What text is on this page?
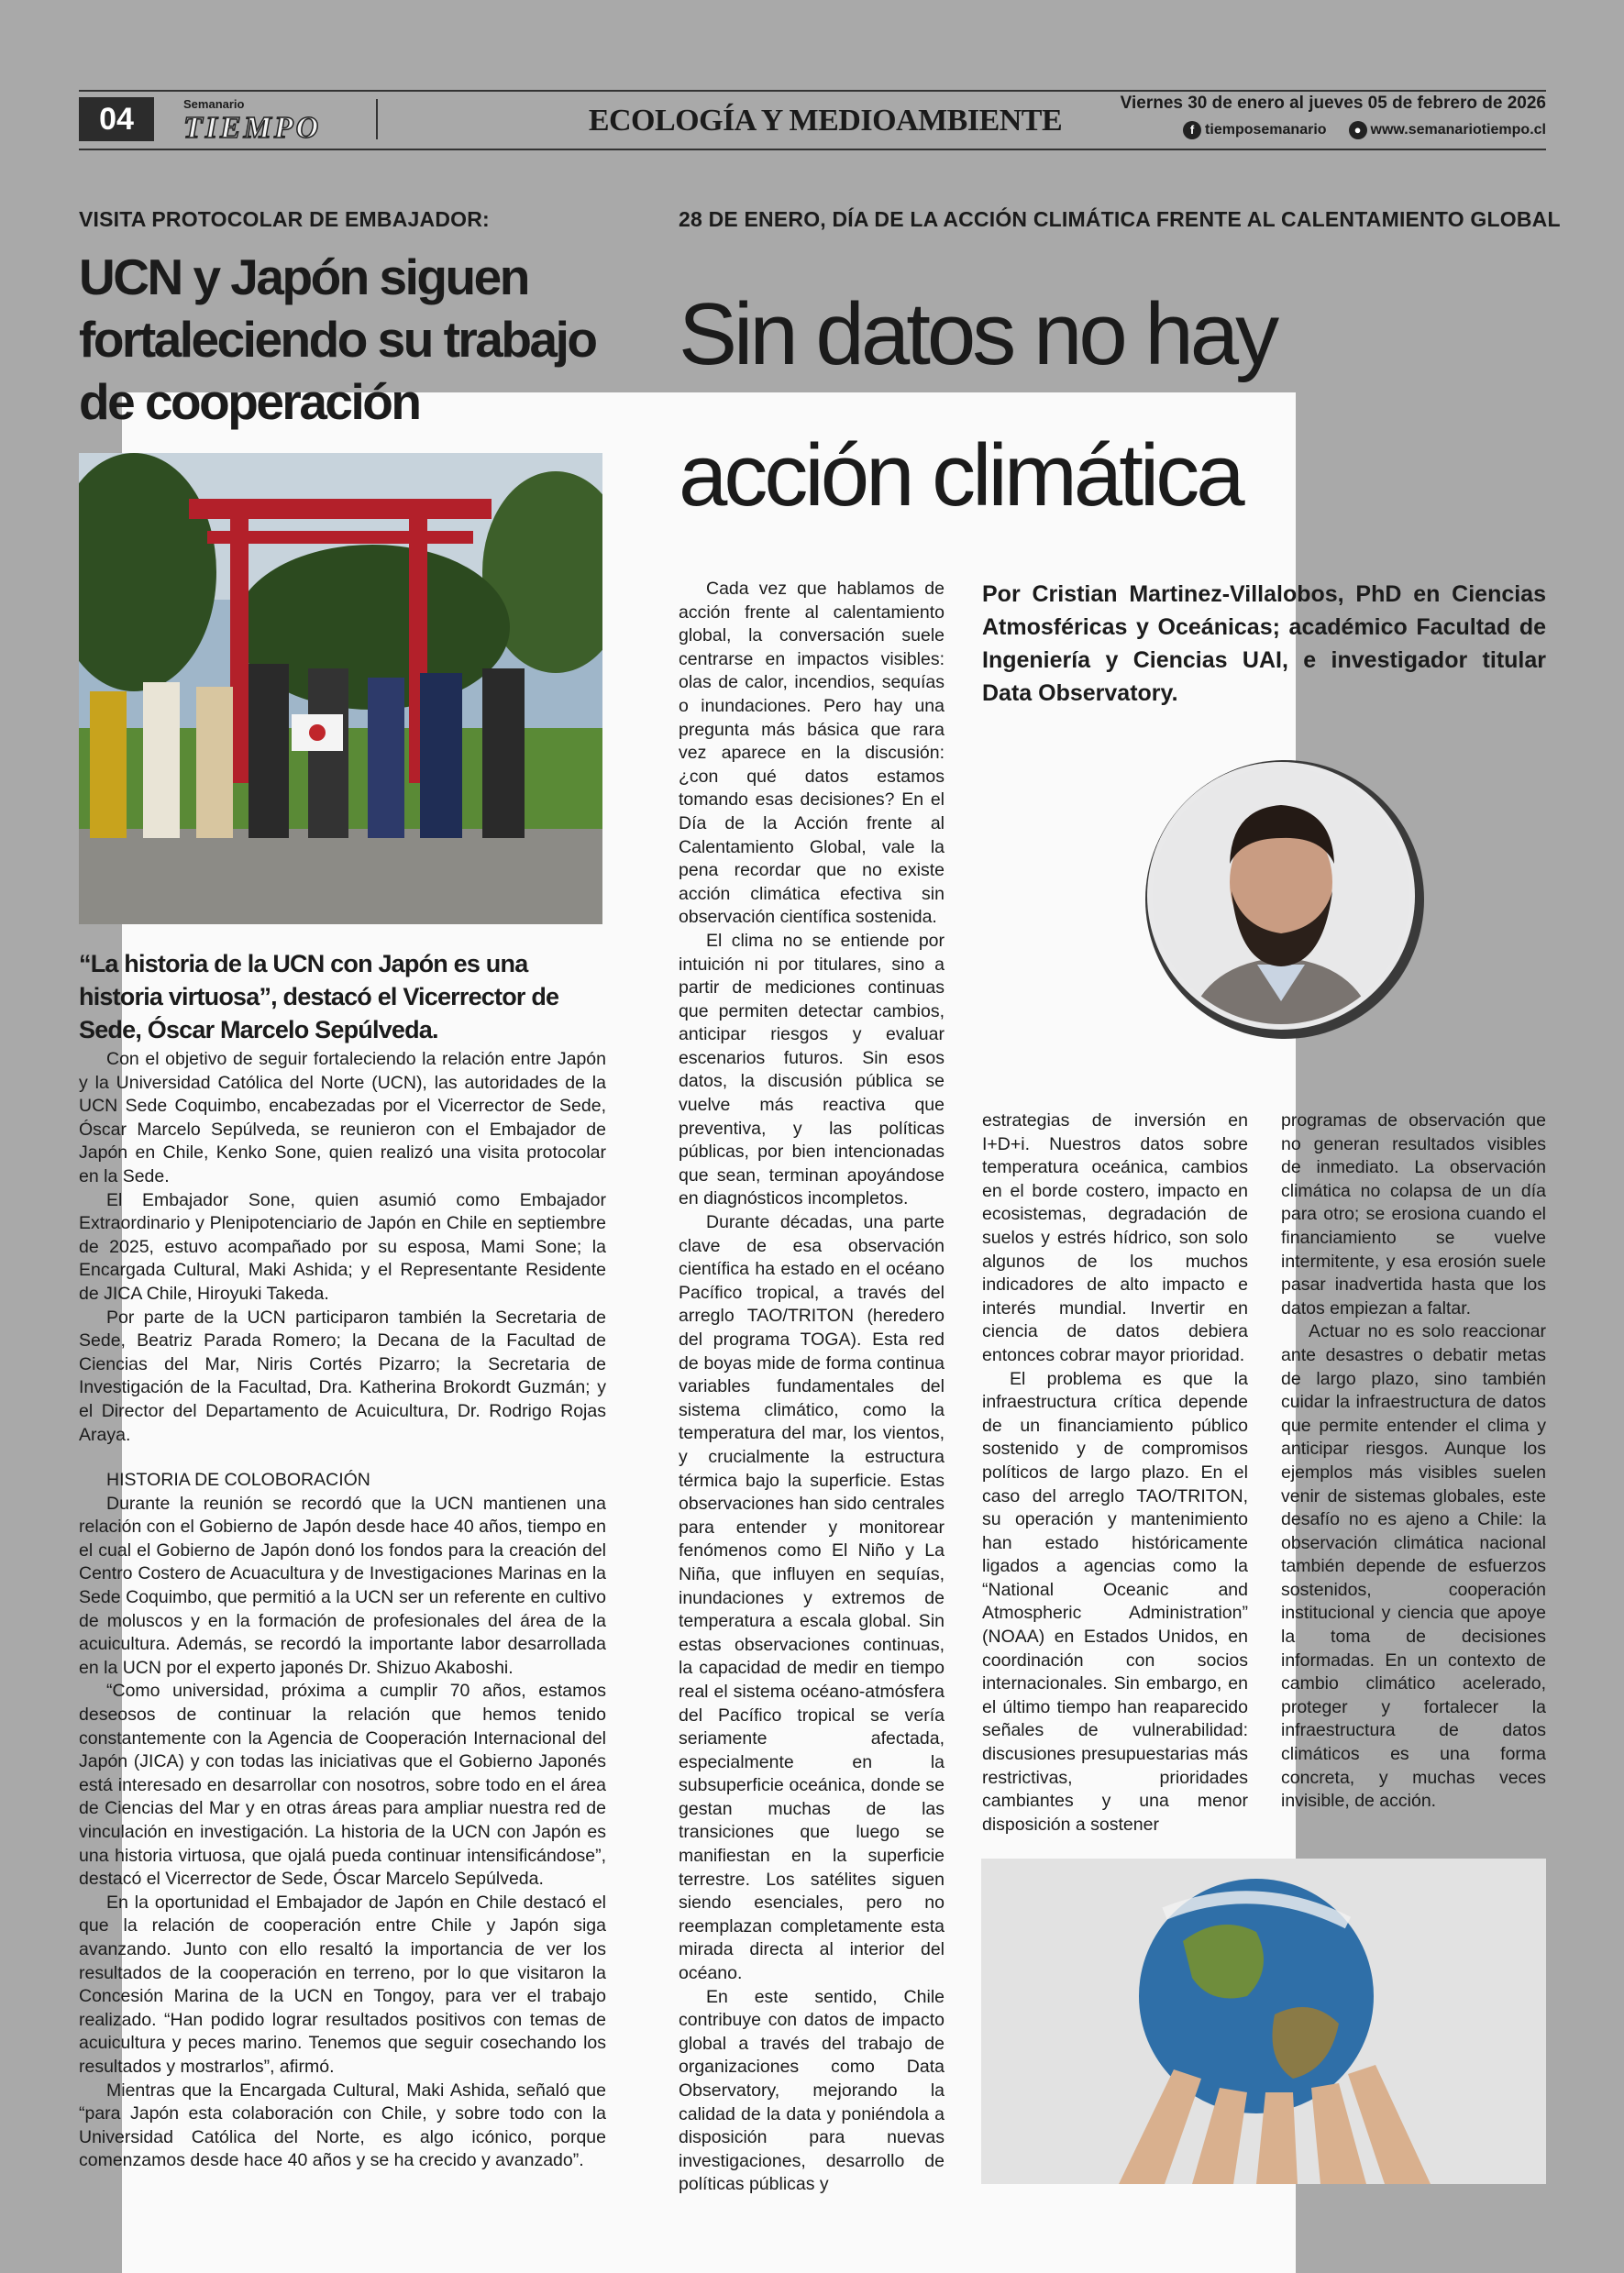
04	Semanario
TIEMPO	ECOLOGÍA Y MEDIOAMBIENTE
Viernes 30 de enero al jueves 05 de febrero de 2026
f tiemposemanario	● www.semanariotiempo.cl
VISITA PROTOCOLAR DE EMBAJADOR:
UCN y Japón siguen fortaleciendo su trabajo de cooperación
“La historia de la UCN con Japón es una historia virtuosa”, destacó el Vicerrector de Sede, Óscar Marcelo Sepúlveda.

Con el objetivo de seguir fortaleciendo la relación entre Japón y la Universidad Católica del Norte (UCN), las autoridades de la UCN Sede Coquimbo, encabezadas por el Vicerrector de Sede, Óscar Marcelo Sepúlveda, se reunieron con el Embajador de Japón en Chile, Kenko Sone, quien realizó una visita protocolar en la Sede.

El Embajador Sone, quien asumió como Embajador Extraordinario y Plenipotenciario de Japón en Chile en septiembre de 2025, estuvo acompañado por su esposa, Mami Sone; la Encargada Cultural, Maki Ashida; y el Representante Residente de JICA Chile, Hiroyuki Takeda.

Por parte de la UCN participaron también la Secretaria de Sede, Beatriz Parada Romero; la Decana de la Facultad de Ciencias del Mar, Niris Cortés Pizarro; la Secretaria de Investigación de la Facultad, Dra. Katherina Brokordt Guzmán; y el Director del Departamento de Acuicultura, Dr. Rodrigo Rojas Araya.

HISTORIA DE COLOBORACIÓN

Durante la reunión se recordó que la UCN mantienen una relación con el Gobierno de Japón desde hace 40 años, tiempo en el cual el Gobierno de Japón donó los fondos para la creación del Centro Costero de Acuacultura y de Investigaciones Marinas en la Sede Coquimbo, que permitió a la UCN ser un referente en cultivo de moluscos y en la formación de profesionales del área de la acuicultura. Además, se recordó la importante labor desarrollada en la UCN por el experto japonés Dr. Shizuo Akaboshi.

“Como universidad, próxima a cumplir 70 años, estamos deseosos de continuar la relación que hemos tenido constantemente con la Agencia de Cooperación Internacional del Japón (JICA) y con todas las iniciativas que el Gobierno Japonés está interesado en desarrollar con nosotros, sobre todo en el área de Ciencias del Mar y en otras áreas para ampliar nuestra red de vinculación en investigación. La historia de la UCN con Japón es una historia virtuosa, que ojalá pueda continuar intensificándose”, destacó el Vicerrector de Sede, Óscar Marcelo Sepúlveda.

En la oportunidad el Embajador de Japón en Chile destacó el que la relación de cooperación entre Chile y Japón siga avanzando. Junto con ello resaltó la importancia de ver los resultados de la cooperación en terreno, por lo que visitaron la Concesión Marina de la UCN en Tongoy, para ver el trabajo realizado. “Han podido lograr resultados positivos con temas de acuicultura y peces marino. Tenemos que seguir cosechando los resultados y mostrarlos”, afirmó.

Mientras que la Encargada Cultural, Maki Ashida, señaló que “para Japón esta colaboración con Chile, y sobre todo con la Universidad Católica del Norte, es algo icónico, porque comenzamos desde hace 40 años y se ha crecido y avanzado”.

28 DE ENERO, DÍA DE LA ACCIÓN CLIMÁTICA FRENTE AL CALENTAMIENTO GLOBAL
Sin datos no hay acción climática

Cada vez que hablamos de acción frente al calentamiento global, la conversación suele centrarse en impactos visibles: olas de calor, incendios, sequías o inundaciones. Pero hay una pregunta más básica que rara vez aparece en la discusión: ¿con qué datos estamos tomando esas decisiones? En el Día de la Acción frente al Calentamiento Global, vale la pena recordar que no existe acción climática efectiva sin observación científica sostenida.

El clima no se entiende por intuición ni por titulares, sino a partir de mediciones continuas que permiten detectar cambios, anticipar riesgos y evaluar escenarios futuros. Sin esos datos, la discusión pública se vuelve más reactiva que preventiva, y las políticas públicas, por bien intencionadas que sean, terminan apoyándose en diagnósticos incompletos.

Durante décadas, una parte clave de esa observación científica ha estado en el océano Pacífico tropical, a través del arreglo TAO/TRITON (heredero del programa TOGA). Esta red de boyas mide de forma continua variables fundamentales del sistema climático, como la temperatura del mar, los vientos, y crucialmente la estructura térmica bajo la superficie. Estas observaciones han sido centrales para entender y monitorear fenómenos como El Niño y La Niña, que influyen en sequías, inundaciones y extremos de temperatura a escala global. Sin estas observaciones continuas, la capacidad de medir en tiempo real el sistema océano-atmósfera del Pacífico tropical se vería seriamente afectada, especialmente en la subsuperficie oceánica, donde se gestan muchas de las transiciones que luego se manifiestan en la superficie terrestre. Los satélites siguen siendo esenciales, pero no reemplazan completamente esta mirada directa al interior del océano.

En este sentido, Chile contribuye con datos de impacto global a través del trabajo de organizaciones como Data Observatory, mejorando la calidad de la data y poniéndola a disposición para nuevas investigaciones, desarrollo de políticas públicas y

Por Cristian Martinez-Villalobos, PhD en Ciencias Atmosféricas y Oceánicas; académico Facultad de Ingeniería y Ciencias UAI, e investigador titular Data Observatory.

estrategias de inversión en I+D+i. Nuestros datos sobre temperatura oceánica, cambios en el borde costero, impacto en ecosistemas, degradación de suelos y estrés hídrico, son solo algunos de los muchos indicadores de alto impacto e interés mundial. Invertir en ciencia de datos debiera entonces cobrar mayor prioridad.

El problema es que la infraestructura crítica depende de un financiamiento público sostenido y de compromisos políticos de largo plazo. En el caso del arreglo TAO/TRITON, su operación y mantenimiento han estado históricamente ligados a agencias como la “National Oceanic and Atmospheric Administration” (NOAA) en Estados Unidos, en coordinación con socios internacionales. Sin embargo, en el último tiempo han reaparecido señales de vulnerabilidad: discusiones presupuestarias más restrictivas, prioridades cambiantes y una menor disposición a sostener

programas de observación que no generan resultados visibles de inmediato. La observación climática no colapsa de un día para otro; se erosiona cuando el financiamiento se vuelve intermitente, y esa erosión suele pasar inadvertida hasta que los datos empiezan a faltar.

Actuar no es solo reaccionar ante desastres o debatir metas de largo plazo, sino también cuidar la infraestructura de datos que permite entender el clima y anticipar riesgos. Aunque los ejemplos más visibles suelen venir de sistemas globales, este desafío no es ajeno a Chile: la observación climática nacional también depende de esfuerzos sostenidos, cooperación institucional y ciencia que apoye la toma de decisiones informadas. En un contexto de cambio climático acelerado, proteger y fortalecer la infraestructura de datos climáticos es una forma concreta, y muchas veces invisible, de acción.
